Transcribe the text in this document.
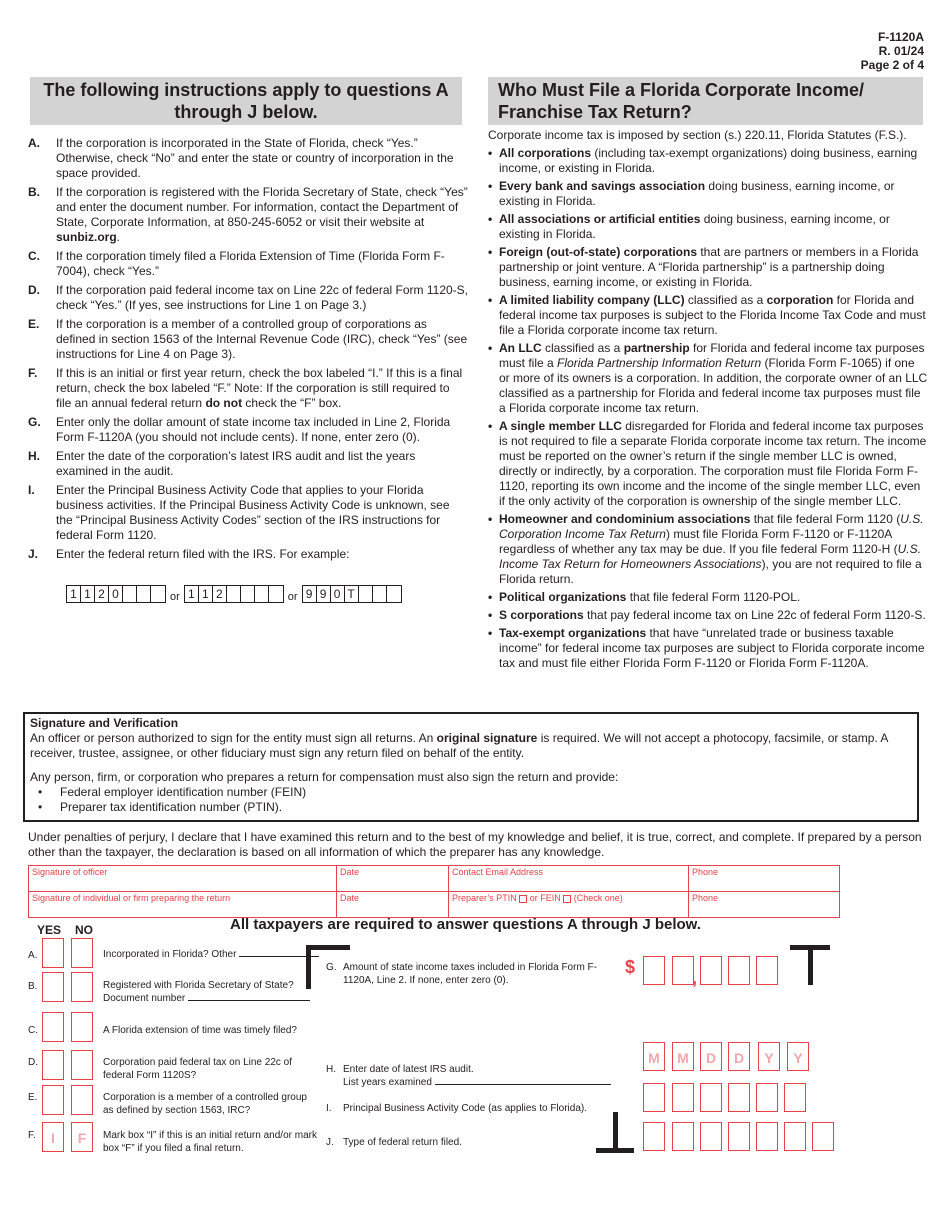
F-1120A
R. 01/24
Page 2 of 4
The following instructions apply to questions A through J below.
Who Must File a Florida Corporate Income/ Franchise Tax Return?
A.	If the corporation is incorporated in the State of Florida, check “Yes.” Otherwise, check “No” and enter the state or country of incorporation in the space provided.
B.	If the corporation is registered with the Florida Secretary of State, check “Yes” and enter the document number. For information, contact the Department of State, Corporate Information, at 850-245-6052 or visit their website at sunbiz.org.
C.	If the corporation timely filed a Florida Extension of Time (Florida Form F-7004), check “Yes.”
D.	If the corporation paid federal income tax on Line 22c of federal Form 1120-S, check “Yes.” (If yes, see instructions for Line 1 on Page 3.)
E.	If the corporation is a member of a controlled group of corporations as defined in section 1563 of the Internal Revenue Code (IRC), check “Yes” (see instructions for Line 4 on Page 3).
F.	If this is an initial or first year return, check the box labeled “I.” If this is a final return, check the box labeled “F.” Note: If the corporation is still required to file an annual federal return do not check the “F” box.
G.	Enter only the dollar amount of state income tax included in Line 2, Florida Form F-1120A (you should not include cents). If none, enter zero (0).
H.	Enter the date of the corporation’s latest IRS audit and list the years examined in the audit.
I.	Enter the Principal Business Activity Code that applies to your Florida business activities. If the Principal Business Activity Code is unknown, see the “Principal Business Activity Codes” section of the IRS instructions for federal Form 1120.
J.	Enter the federal return filed with the IRS. For example:
1 1 2 0	or 1 1 2	or 9 9 0 T
Corporate income tax is imposed by section (s.) 220.11, Florida Statutes (F.S.).
• All corporations (including tax-exempt organizations) doing business, earning income, or existing in Florida.
• Every bank and savings association doing business, earning income, or existing in Florida.
• All associations or artificial entities doing business, earning income, or existing in Florida.
• Foreign (out-of-state) corporations that are partners or members in a Florida partnership or joint venture. A “Florida partnership” is a partnership doing business, earning income, or existing in Florida.
• A limited liability company (LLC) classified as a corporation for Florida and federal income tax purposes is subject to the Florida Income Tax Code and must file a Florida corporate income tax return.
• An LLC classified as a partnership for Florida and federal income tax purposes must file a Florida Partnership Information Return (Florida Form F-1065) if one or more of its owners is a corporation. In addition, the corporate owner of an LLC classified as a partnership for Florida and federal income tax purposes must file a Florida corporate income tax return.
• A single member LLC disregarded for Florida and federal income tax purposes is not required to file a separate Florida corporate income tax return. The income must be reported on the owner’s return if the single member LLC is owned, directly or indirectly, by a corporation. The corporation must file Florida Form F-1120, reporting its own income and the income of the single member LLC, even if the only activity of the corporation is ownership of the single member LLC.
• Homeowner and condominium associations that file federal Form 1120 (U.S. Corporation Income Tax Return) must file Florida Form F-1120 or F-1120A regardless of whether any tax may be due. If you file federal Form 1120-H (U.S. Income Tax Return for Homeowners Associations), you are not required to file a Florida return.
• Political organizations that file federal Form 1120-POL.
• S corporations that pay federal income tax on Line 22c of federal Form 1120-S.
• Tax-exempt organizations that have “unrelated trade or business taxable income” for federal income tax purposes are subject to Florida corporate income tax and must file either Florida Form F-1120 or Florida Form F-1120A.
Signature and Verification
An officer or person authorized to sign for the entity must sign all returns. An original signature is required. We will not accept a photocopy, facsimile, or stamp. A receiver, trustee, assignee, or other fiduciary must sign any return filed on behalf of the entity.
Any person, firm, or corporation who prepares a return for compensation must also sign the return and provide:
• Federal employer identification number (FEIN)
• Preparer tax identification number (PTIN).
Under penalties of perjury, I declare that I have examined this return and to the best of my knowledge and belief, it is true, correct, and complete. If prepared by a person other than the taxpayer, the declaration is based on all information of which the preparer has any knowledge.
Signature of officer	Date	Contact Email Address	Phone
Signature of individual or firm preparing the return	Date	Preparer’s PTIN or FEIN (Check one)	Phone
All taxpayers are required to answer questions A through J below.
YES NO
A.	Incorporated in Florida? Other
B.	Registered with Florida Secretary of State?
Document number
C.	A Florida extension of time was timely filed?
D.	Corporation paid federal tax on Line 22c of federal Form 1120S?
E.	Corporation is a member of a controlled group as defined by section 1563, IRC?
F.	I	F	Mark box “I” if this is an initial return and/or mark box “F” if you filed a final return.
G. Amount of state income taxes included in Florida Form F-1120A, Line 2. If none, enter zero (0).
$
,
H. Enter date of latest IRS audit.
List years examined
M	M	D	D	Y	Y
I. Principal Business Activity Code (as applies to Florida).
J. Type of federal return filed.
